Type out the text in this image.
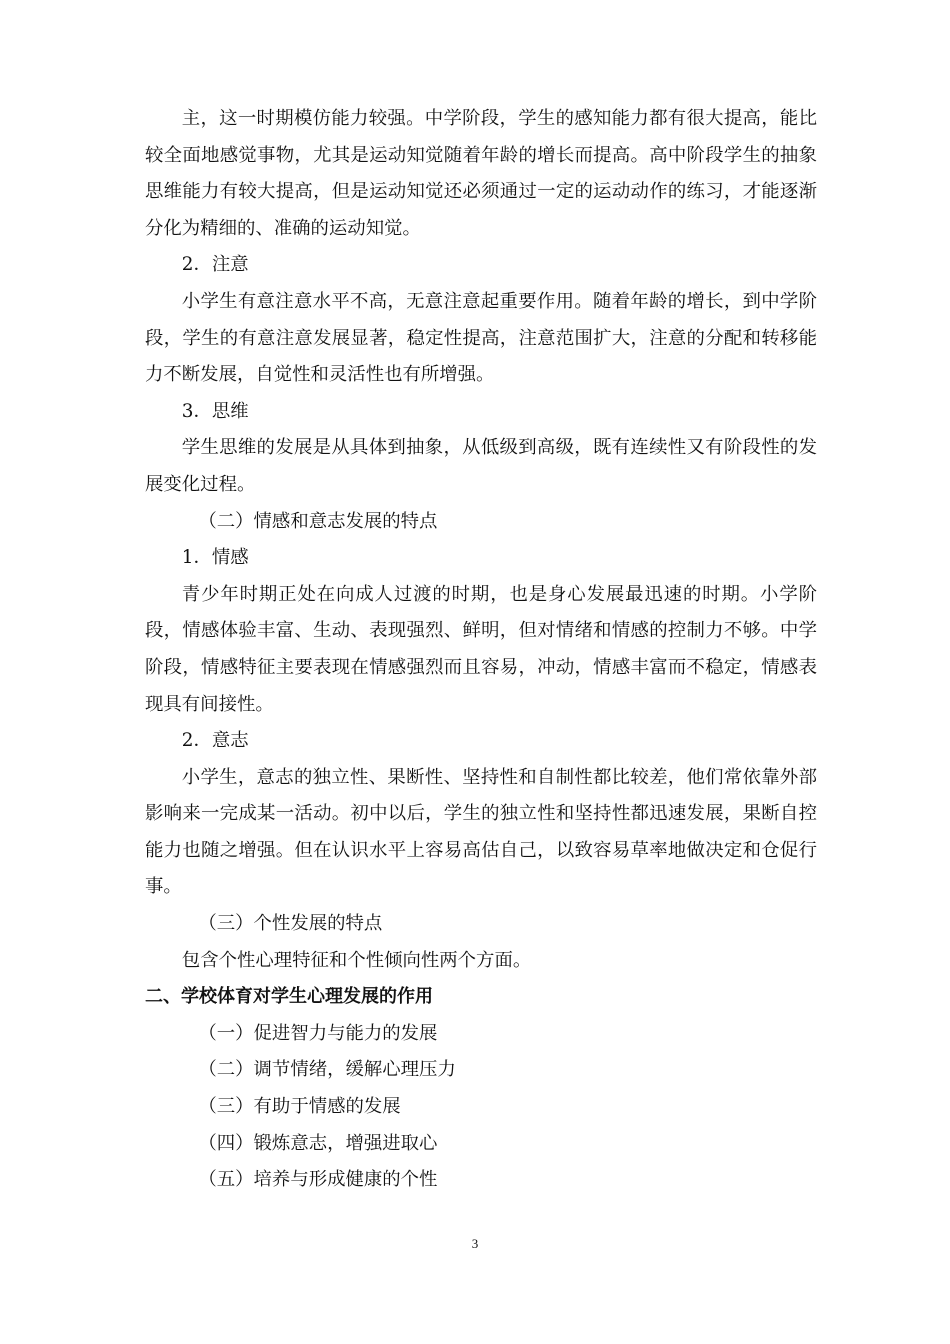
主，这一时期模仿能力较强。中学阶段，学生的感知能力都有很大提高，能比较全面地感觉事物，尤其是运动知觉随着年龄的增长而提高。高中阶段学生的抽象思维能力有较大提高，但是运动知觉还必须通过一定的运动动作的练习，才能逐渐分化为精细的、准确的运动知觉。

2．注意

小学生有意注意水平不高，无意注意起重要作用。随着年龄的增长，到中学阶段，学生的有意注意发展显著，稳定性提高，注意范围扩大，注意的分配和转移能力不断发展，自觉性和灵活性也有所增强。

3．思维

学生思维的发展是从具体到抽象，从低级到高级，既有连续性又有阶段性的发展变化过程。

（二）情感和意志发展的特点

1．情感

青少年时期正处在向成人过渡的时期，也是身心发展最迅速的时期。小学阶段，情感体验丰富、生动、表现强烈、鲜明，但对情绪和情感的控制力不够。中学阶段，情感特征主要表现在情感强烈而且容易，冲动，情感丰富而不稳定，情感表现具有间接性。

2．意志

小学生，意志的独立性、果断性、坚持性和自制性都比较差，他们常依靠外部影响来一完成某一活动。初中以后，学生的独立性和坚持性都迅速发展，果断自控能力也随之增强。但在认识水平上容易高估自己，以致容易草率地做决定和仓促行事。

（三）个性发展的特点

包含个性心理特征和个性倾向性两个方面。

二、学校体育对学生心理发展的作用

（一）促进智力与能力的发展

（二）调节情绪，缓解心理压力

（三）有助于情感的发展

（四）锻炼意志，增强进取心

（五）培养与形成健康的个性

3
